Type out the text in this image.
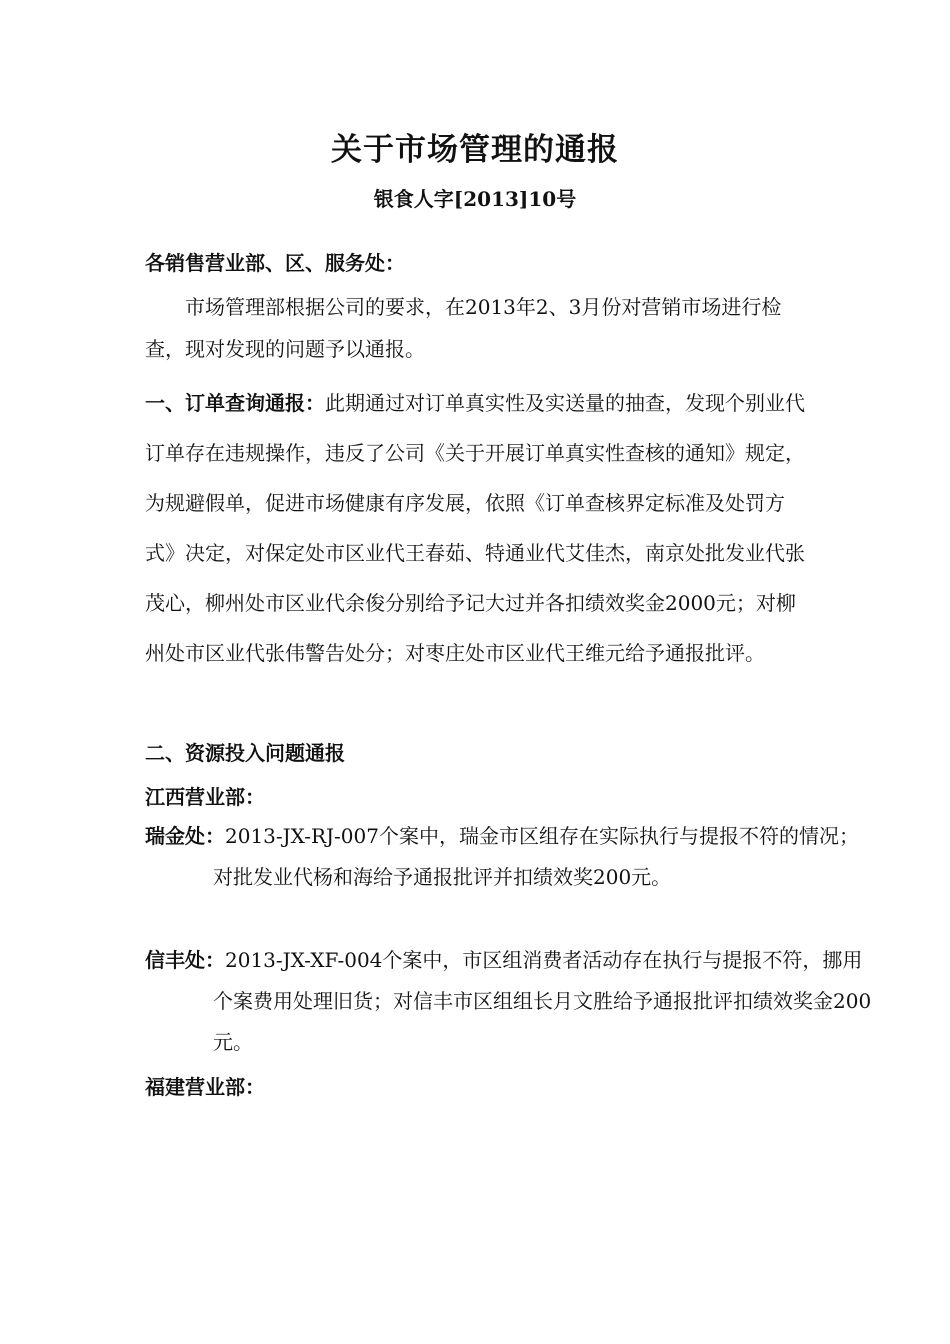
关于市场管理的通报
银食人字[2013]10号
各销售营业部、区、服务处：
市场管理部根据公司的要求，在2013年2、3月份对营销市场进行检查，现对发现的问题予以通报。
一、订单查询通报：此期通过对订单真实性及实送量的抽查，发现个别业代订单存在违规操作，违反了公司《关于开展订单真实性查核的通知》规定，为规避假单，促进市场健康有序发展，依照《订单查核界定标准及处罚方式》决定，对保定处市区业代王春茹、特通业代艾佳杰，南京处批发业代张茂心，柳州处市区业代余俊分别给予记大过并各扣绩效奖金2000元；对柳州处市区业代张伟警告处分；对枣庄处市区业代王维元给予通报批评。
二、资源投入问题通报
江西营业部：
瑞金处：2013-JX-RJ-007个案中，瑞金市区组存在实际执行与提报不符的情况；对批发业代杨和海给予通报批评并扣绩效奖200元。
信丰处：2013-JX-XF-004个案中，市区组消费者活动存在执行与提报不符，挪用个案费用处理旧货；对信丰市区组组长月文胜给予通报批评扣绩效奖金200元。
福建营业部：
